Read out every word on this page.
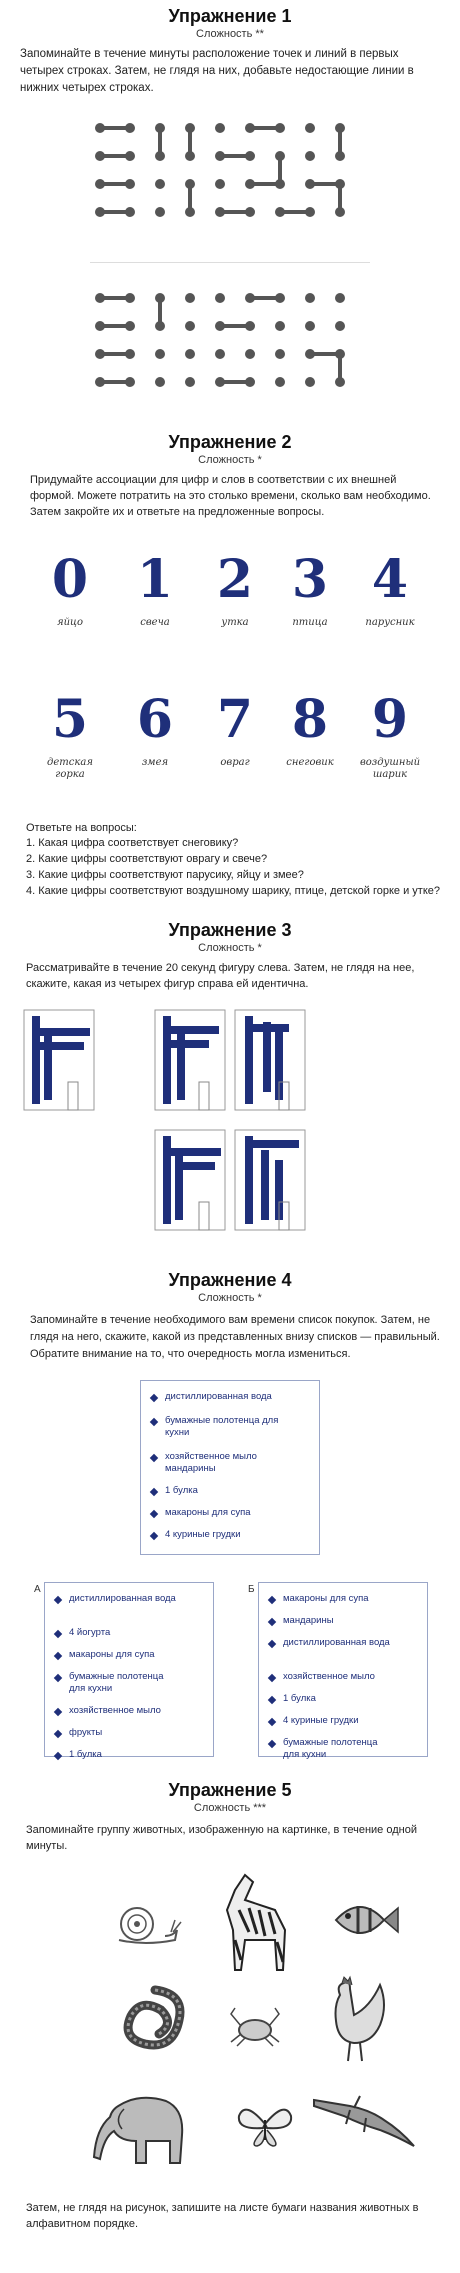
Упражнение 1
Сложность **
Запоминайте в течение минуты расположение точек и линий в первых четырех строках. Затем, не глядя на них, добавьте недостающие линии в нижних четырех строках.
Упражнение 2
Сложность *
Придумайте ассоциации для цифр и слов в соответствии с их внешней формой. Можете потратить на это столько времени, сколько вам необходимо. Затем закройте их и ответьте на предложенные вопросы.
0
яйцо
1
свеча
2
утка
3
птица
4
парусник
5
детская
горка
6
змея
7
овраг
8
снеговик
9
воздушный
шарик
Ответьте на вопросы:
1. Какая цифра соответствует снеговику?
2. Какие цифры соответствуют оврагу и свече?
3. Какие цифры соответствуют парусику, яйцу и змее?
4. Какие цифры соответствуют воздушному шарику, птице, детской горке и утке?
Упражнение 3
Сложность *
Рассматривайте в течение 20 секунд фигуру слева. Затем, не глядя на нее, скажите, какая из четырех фигур справа ей идентична.
Упражнение 4
Сложность *
Запоминайте в течение необходимого вам времени список покупок. Затем, не глядя на него, скажите, какой из представленных внизу списков — правильный. Обратите внимание на то, что очередность могла измениться.
дистиллированная вода
бумажные полотенца для кухни
хозяйственное мыло мандарины
1 булка
макароны для супа
4 куриные грудки
А
дистиллированная вода
4 йогурта
макароны для супа
бумажные полотенца для кухни
хозяйственное мыло
фрукты
1 булка
Б
макароны для супа
мандарины
дистиллированная вода
хозяйственное мыло
1 булка
4 куриные грудки
бумажные полотенца для кухни
Упражнение 5
Сложность ***
Запоминайте группу животных, изображенную на картинке, в течение одной минуты.
Затем, не глядя на рисунок, запишите на листе бумаги названия животных в алфавитном порядке.
